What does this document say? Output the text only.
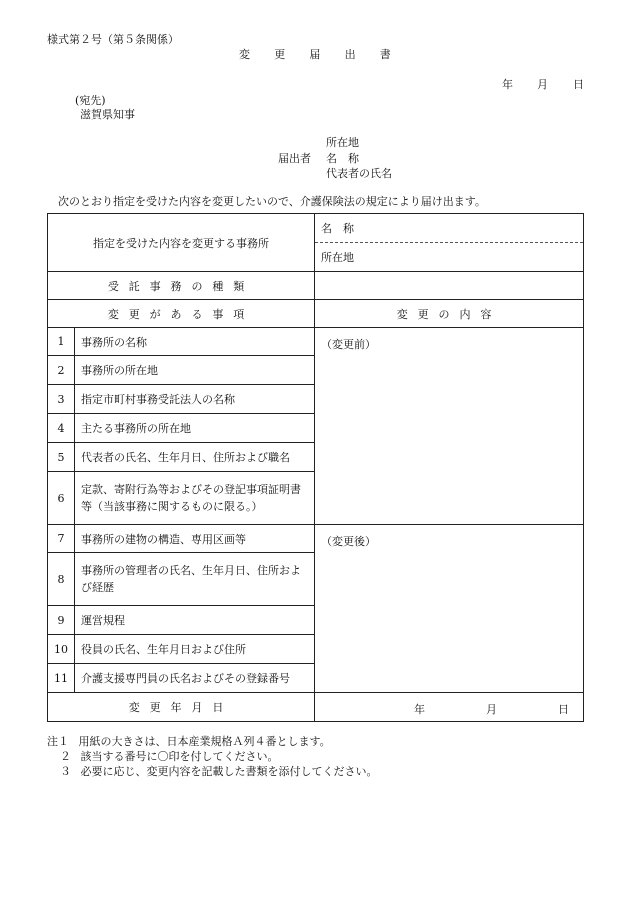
様式第２号（第５条関係）
変更届出書
年 月 日
(宛先)
滋賀県知事
所在地
届出者 名　称
代表者の氏名
次のとおり指定を受けた内容を変更したいので、介護保険法の規定により届け出ます。
指定を受けた内容を変更する事務所		名　称
		所在地
受託事務の種類		
変更がある事項		変更の内容
1	事務所の名称	（変更前）
2	事務所の所在地	
3	指定市町村事務受託法人の名称	
4	主たる事務所の所在地	
5	代表者の氏名、生年月日、住所および職名	
6	定款、寄附行為等およびその登記事項証明書等（当該事務に関するものに限る。）	
7	事務所の建物の構造、専用区画等	（変更後）
8	事務所の管理者の氏名、生年月日、住所および経歴	
9	運営規程	
10	役員の氏名、生年月日および住所	
11	介護支援専門員の氏名およびその登録番号	
変更年月日		年 月 日
注１ 用紙の大きさは、日本産業規格Ａ列４番とします。
２ 該当する番号に〇印を付してください。
３ 必要に応じ、変更内容を記載した書類を添付してください。
